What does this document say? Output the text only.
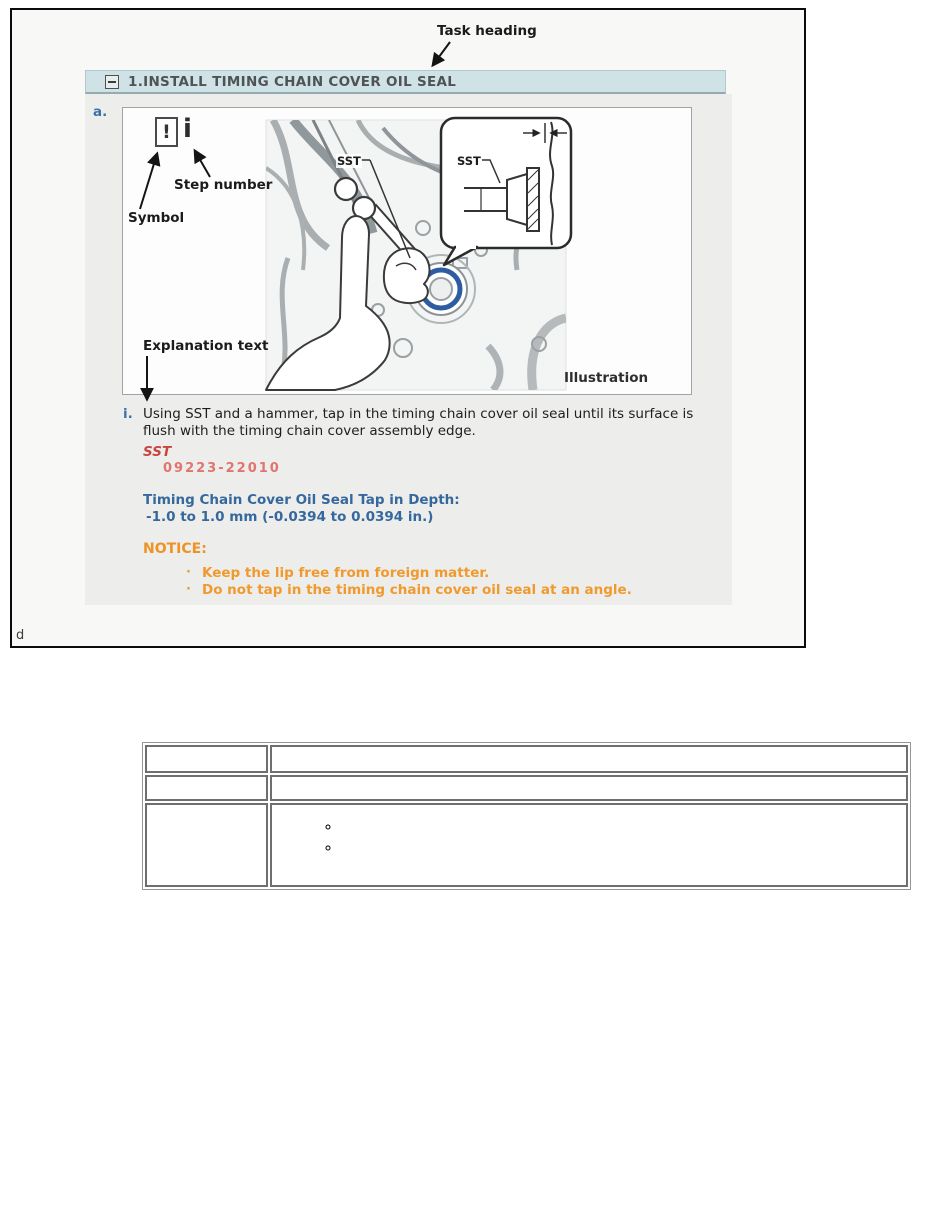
Task heading
1.INSTALL TIMING CHAIN COVER OIL SEAL
a.
! i
Step number
Symbol
Explanation text
Illustration
SST	SST
i. Using SST and a hammer, tap in the timing chain cover oil seal until its surface is flush with the timing chain cover assembly edge.
SST
09223-22010
Timing Chain Cover Oil Seal Tap in Depth:
-1.0 to 1.0 mm (-0.0394 to 0.0394 in.)
NOTICE:
· Keep the lip free from foreign matter.
· Do not tap in the timing chain cover oil seal at an angle.
d

◦
◦
